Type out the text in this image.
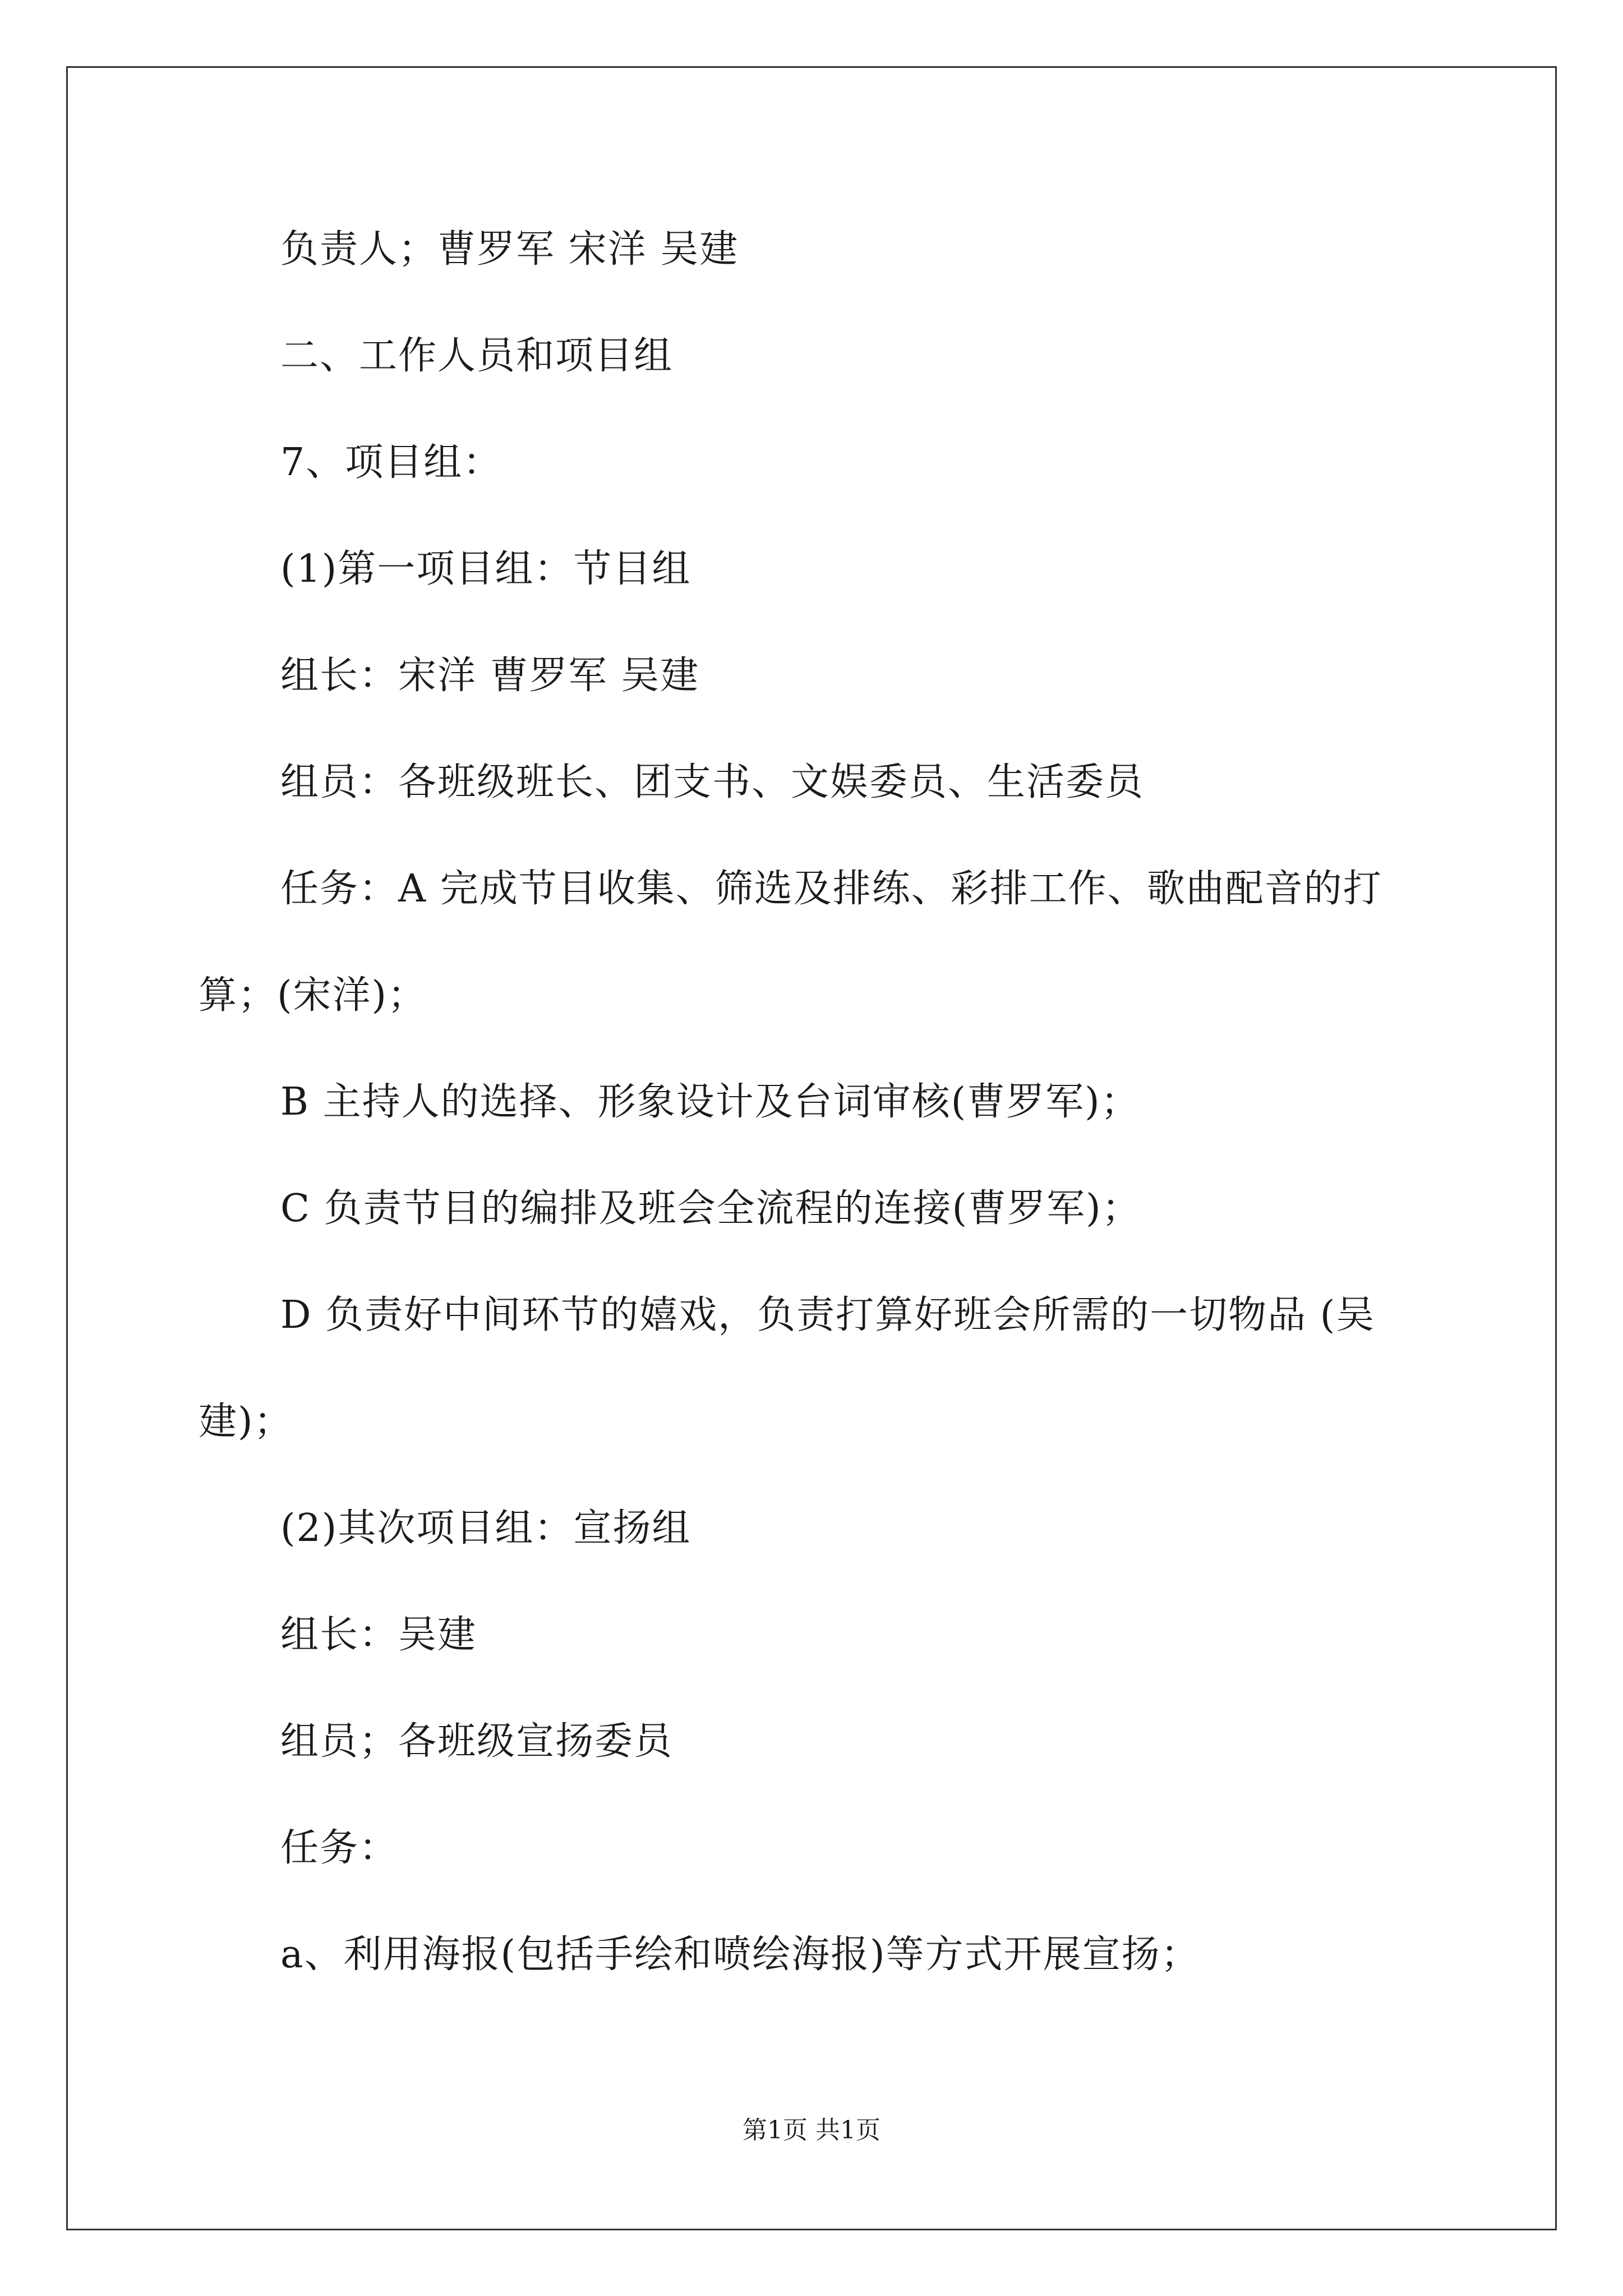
负责人；曹罗军 宋洋 吴建
二、工作人员和项目组
7、项目组：
(1)第一项目组：节目组
组长：宋洋 曹罗军 吴建
组员：各班级班长、团支书、文娱委员、生活委员
任务：A 完成节目收集、筛选及排练、彩排工作、歌曲配音的打
算；(宋洋)；
B 主持人的选择、形象设计及台词审核(曹罗军)；
C 负责节目的编排及班会全流程的连接(曹罗军)；
D 负责好中间环节的嬉戏，负责打算好班会所需的一切物品 (吴
建)；
(2)其次项目组：宣扬组
组长：吴建
组员；各班级宣扬委员
任务：
a、利用海报(包括手绘和喷绘海报)等方式开展宣扬；
第1页 共1页
